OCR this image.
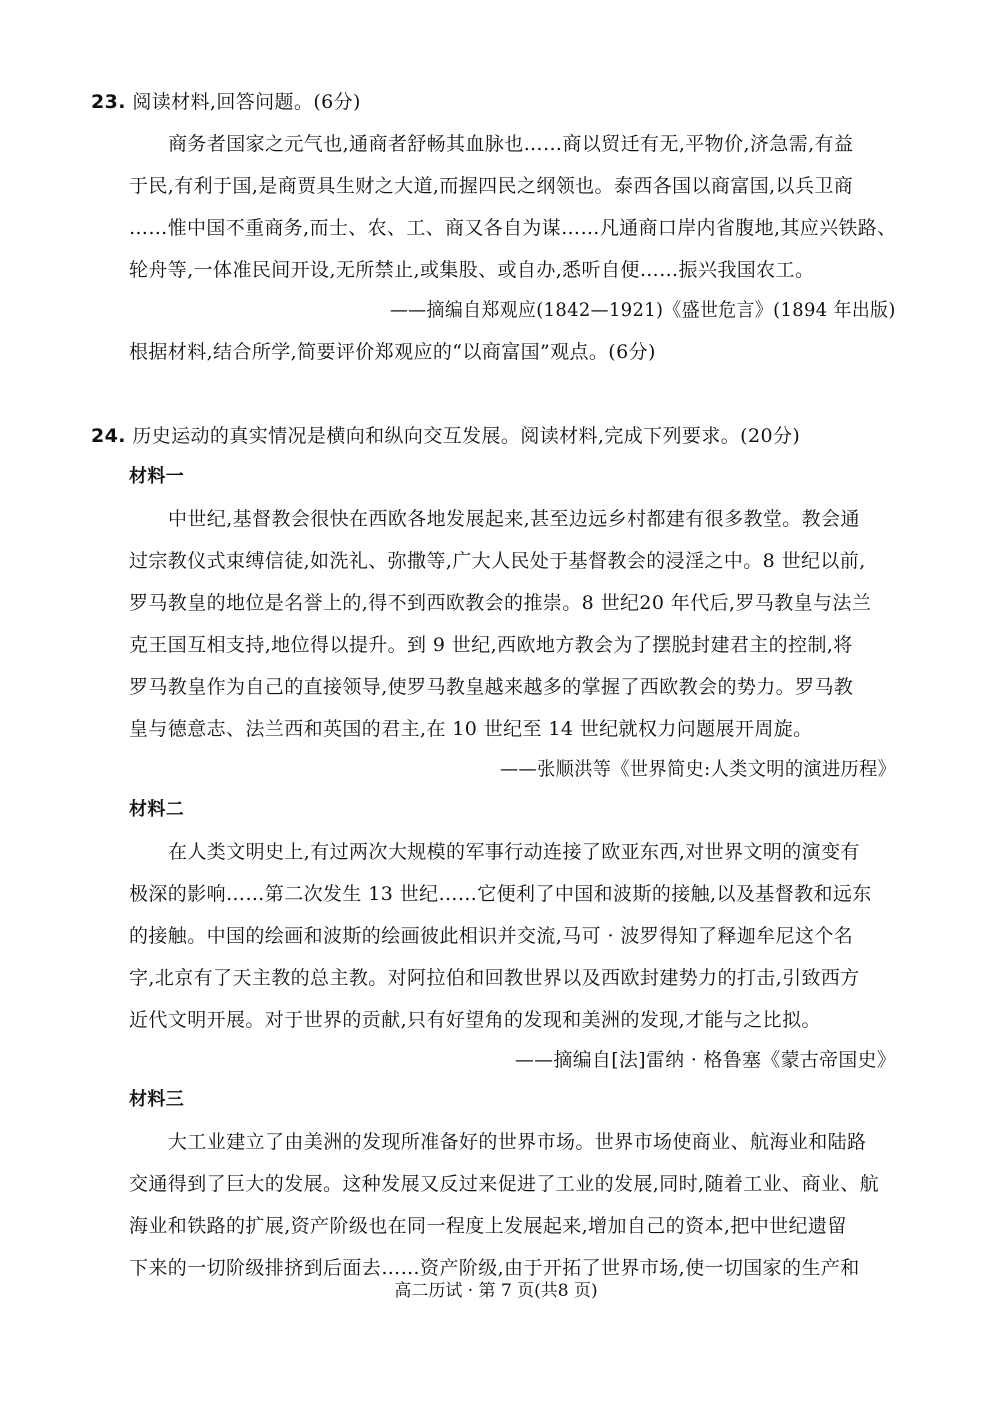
23. 阅读材料,回答问题。(6分)
商务者国家之元气也,通商者舒畅其血脉也……商以贸迁有无,平物价,济急需,有益
于民,有利于国,是商贾具生财之大道,而握四民之纲领也。泰西各国以商富国,以兵卫商
……惟中国不重商务,而士、农、工、商又各自为谋……凡通商口岸内省腹地,其应兴铁路、
轮舟等,一体准民间开设,无所禁止,或集股、或自办,悉听自便……振兴我国农工。
——摘编自郑观应(1842—1921)《盛世危言》(1894 年出版)
根据材料,结合所学,简要评价郑观应的“以商富国”观点。(6分)
24. 历史运动的真实情况是横向和纵向交互发展。阅读材料,完成下列要求。(20分)
材料一
中世纪,基督教会很快在西欧各地发展起来,甚至边远乡村都建有很多教堂。教会通
过宗教仪式束缚信徒,如洗礼、弥撒等,广大人民处于基督教会的浸淫之中。8 世纪以前,
罗马教皇的地位是名誉上的,得不到西欧教会的推崇。8 世纪20 年代后,罗马教皇与法兰
克王国互相支持,地位得以提升。到 9 世纪,西欧地方教会为了摆脱封建君主的控制,将
罗马教皇作为自己的直接领导,使罗马教皇越来越多的掌握了西欧教会的势力。罗马教
皇与德意志、法兰西和英国的君主,在 10 世纪至 14 世纪就权力问题展开周旋。
——张顺洪等《世界简史:人类文明的演进历程》
材料二
在人类文明史上,有过两次大规模的军事行动连接了欧亚东西,对世界文明的演变有
极深的影响……第二次发生 13 世纪……它便利了中国和波斯的接触,以及基督教和远东
的接触。中国的绘画和波斯的绘画彼此相识并交流,马可 · 波罗得知了释迦牟尼这个名
字,北京有了天主教的总主教。对阿拉伯和回教世界以及西欧封建势力的打击,引致西方
近代文明开展。对于世界的贡献,只有好望角的发现和美洲的发现,才能与之比拟。
——摘编自[法]雷纳 · 格鲁塞《蒙古帝国史》
材料三
大工业建立了由美洲的发现所准备好的世界市场。世界市场使商业、航海业和陆路
交通得到了巨大的发展。这种发展又反过来促进了工业的发展,同时,随着工业、商业、航
海业和铁路的扩展,资产阶级也在同一程度上发展起来,增加自己的资本,把中世纪遗留
下来的一切阶级排挤到后面去……资产阶级,由于开拓了世界市场,使一切国家的生产和
高二历试 · 第 7 页(共8 页)
